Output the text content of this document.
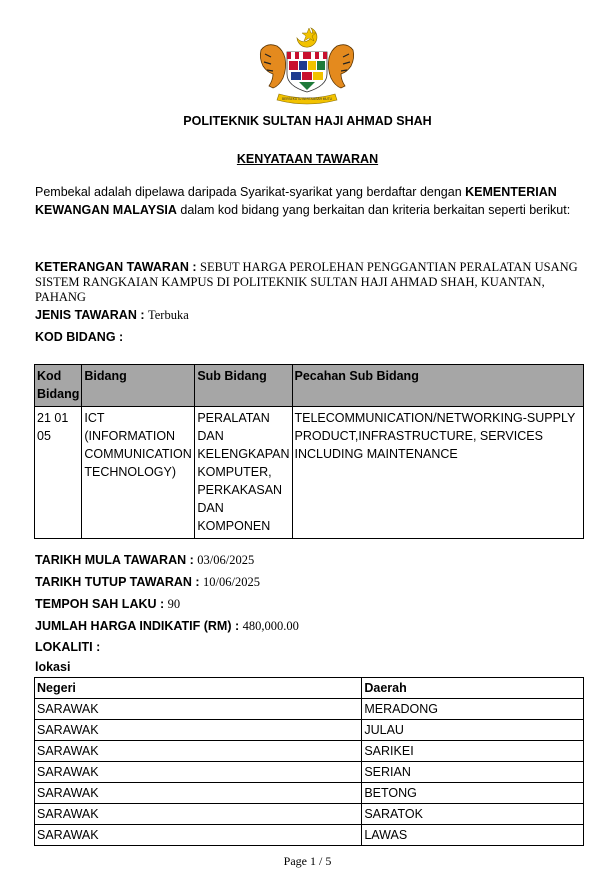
BERSEKUTU BERTAMBAH MUTU
POLITEKNIK SULTAN HAJI AHMAD SHAH
KENYATAAN TAWARAN
Pembekal adalah dipelawa daripada Syarikat-syarikat yang berdaftar dengan KEMENTERIAN KEWANGAN MALAYSIA dalam kod bidang yang berkaitan dan kriteria berkaitan seperti berikut:
KETERANGAN TAWARAN : SEBUT HARGA PEROLEHAN PENGGANTIAN PERALATAN USANG SISTEM RANGKAIAN KAMPUS DI POLITEKNIK SULTAN HAJI AHMAD SHAH, KUANTAN, PAHANG
JENIS TAWARAN : Terbuka
KOD BIDANG :
Kod Bidang	Bidang	Sub Bidang	Pecahan Sub Bidang
21 01 05	ICT (INFORMATION COMMUNICATION TECHNOLOGY)	PERALATAN DAN KELENGKAPAN KOMPUTER, PERKAKASAN DAN KOMPONEN	TELECOMMUNICATION/NETWORKING-SUPPLY PRODUCT,INFRASTRUCTURE, SERVICES INCLUDING MAINTENANCE
TARIKH MULA TAWARAN : 03/06/2025
TARIKH TUTUP TAWARAN : 10/06/2025
TEMPOH SAH LAKU : 90
JUMLAH HARGA INDIKATIF (RM) : 480,000.00
LOKALITI :
lokasi
Negeri	Daerah
SARAWAK	MERADONG
SARAWAK	JULAU
SARAWAK	SARIKEI
SARAWAK	SERIAN
SARAWAK	BETONG
SARAWAK	SARATOK
SARAWAK	LAWAS
Page 1 / 5
